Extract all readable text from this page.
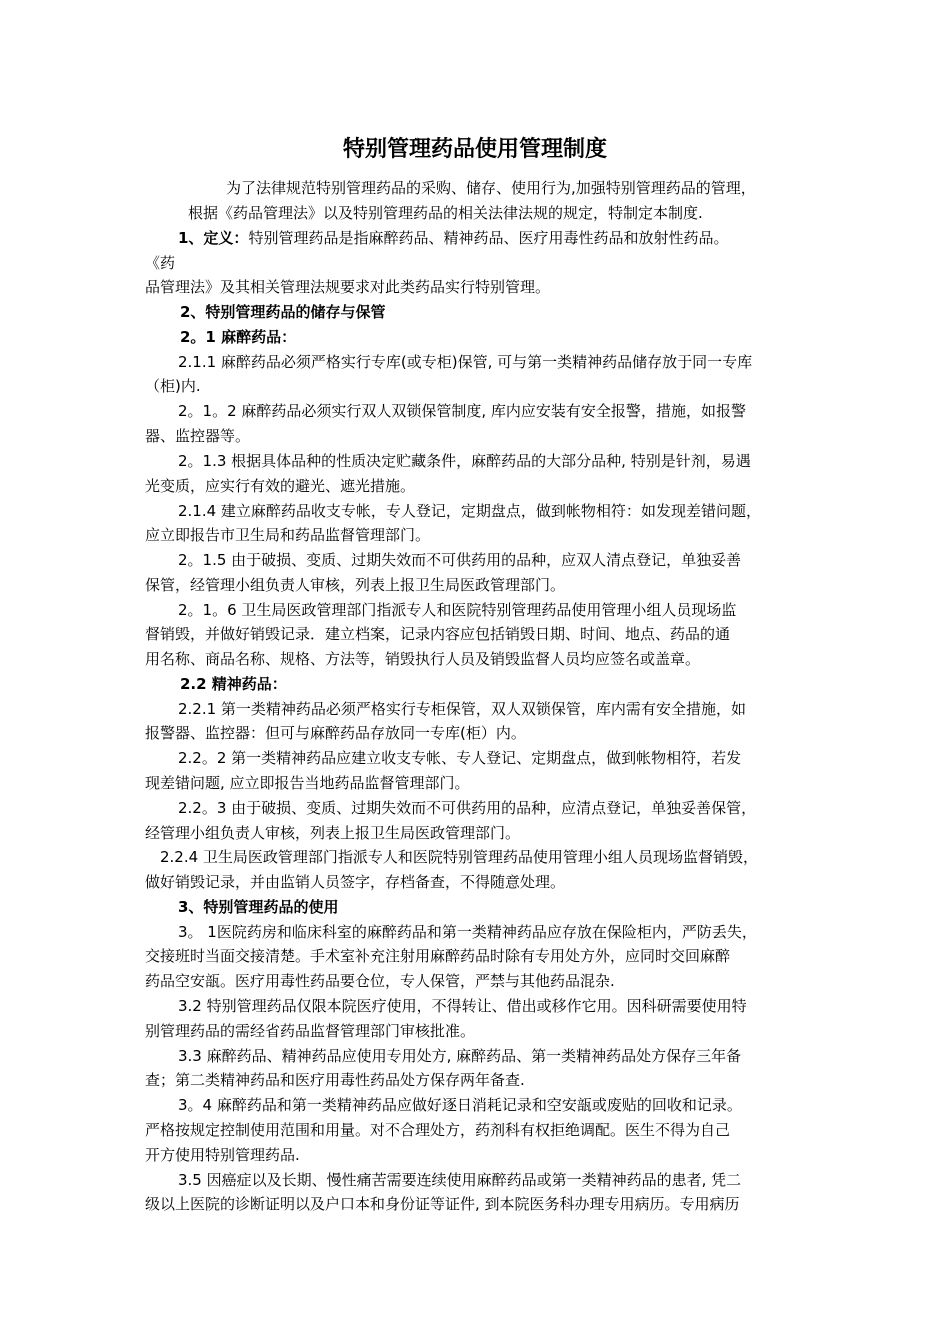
特别管理药品使用管理制度

为了法律规范特别管理药品的采购、储存、使用行为,加强特别管理药品的管理，

根据《药品管理法》以及特别管理药品的相关法律法规的规定，特制定本制度.

1、定义：特别管理药品是指麻醉药品、精神药品、医疗用毒性药品和放射性药品。

《药

品管理法》及其相关管理法规要求对此类药品实行特别管理。

2、特别管理药品的储存与保管

2。1 麻醉药品：

2.1.1 麻醉药品必须严格实行专库(或专柜)保管, 可与第一类精神药品储存放于同一专库

（柜)内.

2。1。2 麻醉药品必须实行双人双锁保管制度, 库内应安装有安全报警，措施，如报警

器、监控器等。

2。1.3 根据具体品种的性质决定贮藏条件，麻醉药品的大部分品种, 特别是针剂，易遇

光变质，应实行有效的避光、遮光措施。

2.1.4 建立麻醉药品收支专帐，专人登记，定期盘点，做到帐物相符：如发现差错问题，

应立即报告市卫生局和药品监督管理部门。

2。1.5 由于破损、变质、过期失效而不可供药用的品种，应双人清点登记，单独妥善

保管，经管理小组负责人审核，列表上报卫生局医政管理部门。

2。1。6 卫生局医政管理部门指派专人和医院特别管理药品使用管理小组人员现场监

督销毁，并做好销毁记录．建立档案，记录内容应包括销毁日期、时间、地点、药品的通

用名称、商品名称、规格、方法等，销毁执行人员及销毁监督人员均应签名或盖章。

2.2 精神药品：

2.2.1 第一类精神药品必须严格实行专柜保管，双人双锁保管，库内需有安全措施，如

报警器、监控器：但可与麻醉药品存放同一专库(柜）内。

2.2。2 第一类精神药品应建立收支专帐、专人登记、定期盘点，做到帐物相符，若发

现差错问题, 应立即报告当地药品监督管理部门。

2.2。3 由于破损、变质、过期失效而不可供药用的品种，应清点登记，单独妥善保管，

经管理小组负责人审核，列表上报卫生局医政管理部门。

2.2.4 卫生局医政管理部门指派专人和医院特别管理药品使用管理小组人员现场监督销毁，

做好销毁记录，并由监销人员签字，存档备查，不得随意处理。

3、特别管理药品的使用

3。 1医院药房和临床科室的麻醉药品和第一类精神药品应存放在保险柜内，严防丢失，

交接班时当面交接清楚。手术室补充注射用麻醉药品时除有专用处方外，应同时交回麻醉

药品空安瓿。医疗用毒性药品要仓位，专人保管，严禁与其他药品混杂.

3.2 特别管理药品仅限本院医疗使用，不得转让、借出或移作它用。因科研需要使用特

别管理药品的需经省药品监督管理部门审核批准。

3.3 麻醉药品、精神药品应使用专用处方, 麻醉药品、第一类精神药品处方保存三年备

查；第二类精神药品和医疗用毒性药品处方保存两年备查.

3。4 麻醉药品和第一类精神药品应做好逐日消耗记录和空安瓿或废贴的回收和记录。

严格按规定控制使用范围和用量。对不合理处方，药剂科有权拒绝调配。医生不得为自己

开方使用特别管理药品.

3.5 因癌症以及长期、慢性痛苦需要连续使用麻醉药品或第一类精神药品的患者, 凭二

级以上医院的诊断证明以及户口本和身份证等证件, 到本院医务科办理专用病历。专用病历
